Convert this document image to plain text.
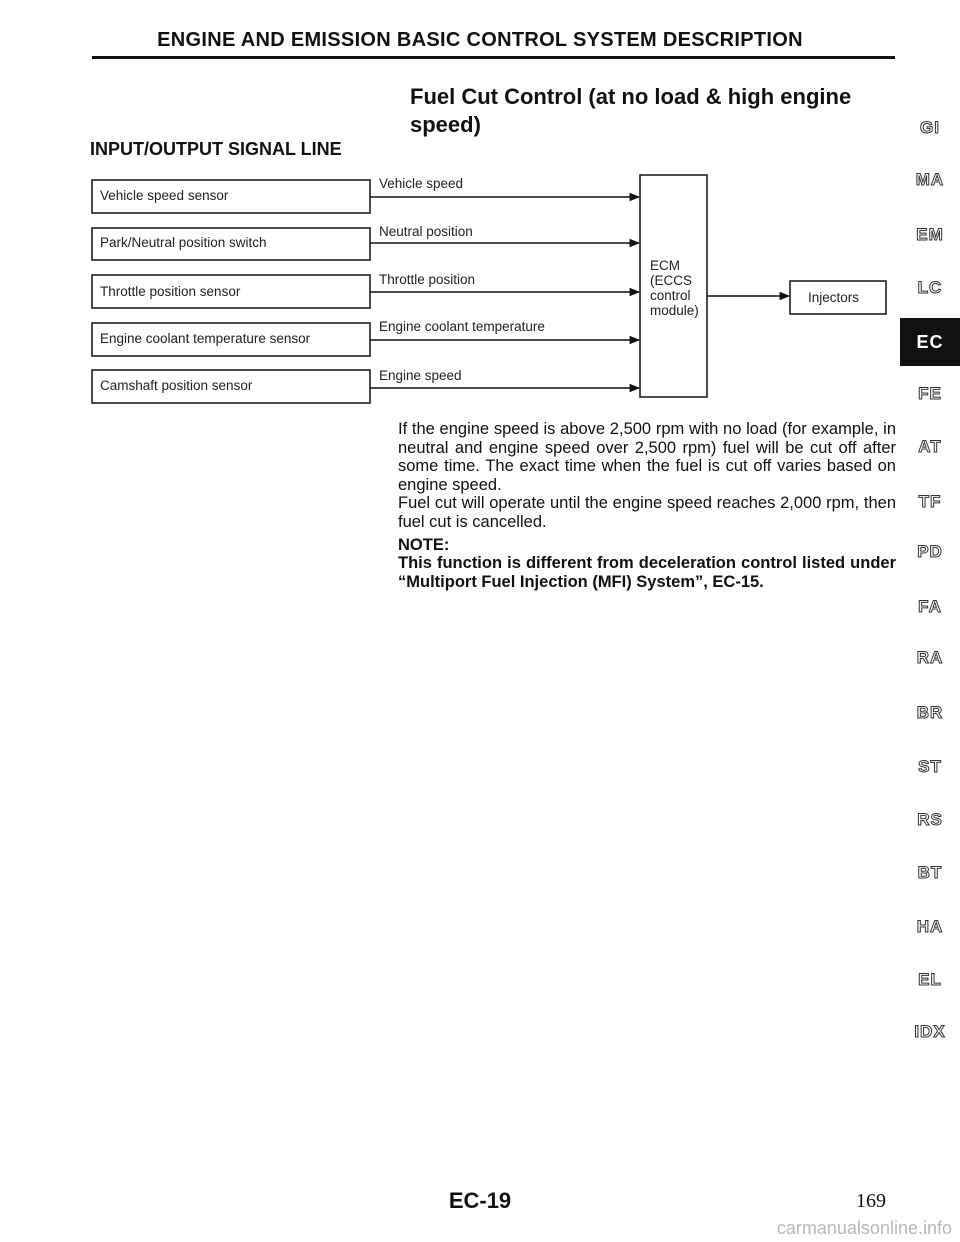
ENGINE AND EMISSION BASIC CONTROL SYSTEM DESCRIPTION
Fuel Cut Control (at no load & high engine speed)
INPUT/OUTPUT SIGNAL LINE
Vehicle speed sensor
Vehicle speed
Park/Neutral position switch
Neutral position
Throttle position sensor
Throttle position
Engine coolant temperature sensor
Engine coolant temperature
Camshaft position sensor
Engine speed
ECM
(ECCS
control
module)
Injectors

If the engine speed is above 2,500 rpm with no load (for example, in neutral and engine speed over 2,500 rpm) fuel will be cut off after some time. The exact time when the fuel is cut off varies based on engine speed.

Fuel cut will operate until the engine speed reaches 2,000 rpm, then fuel cut is cancelled.

NOTE:

This function is different from deceleration control listed under “Multiport Fuel Injection (MFI) System”, EC-15.

GI
MA
EM
LC
EC
FE
AT
TF
PD
FA
RA
BR
ST
RS
BT
HA
EL
IDX
EC-19	169
carmanualsonline.info
